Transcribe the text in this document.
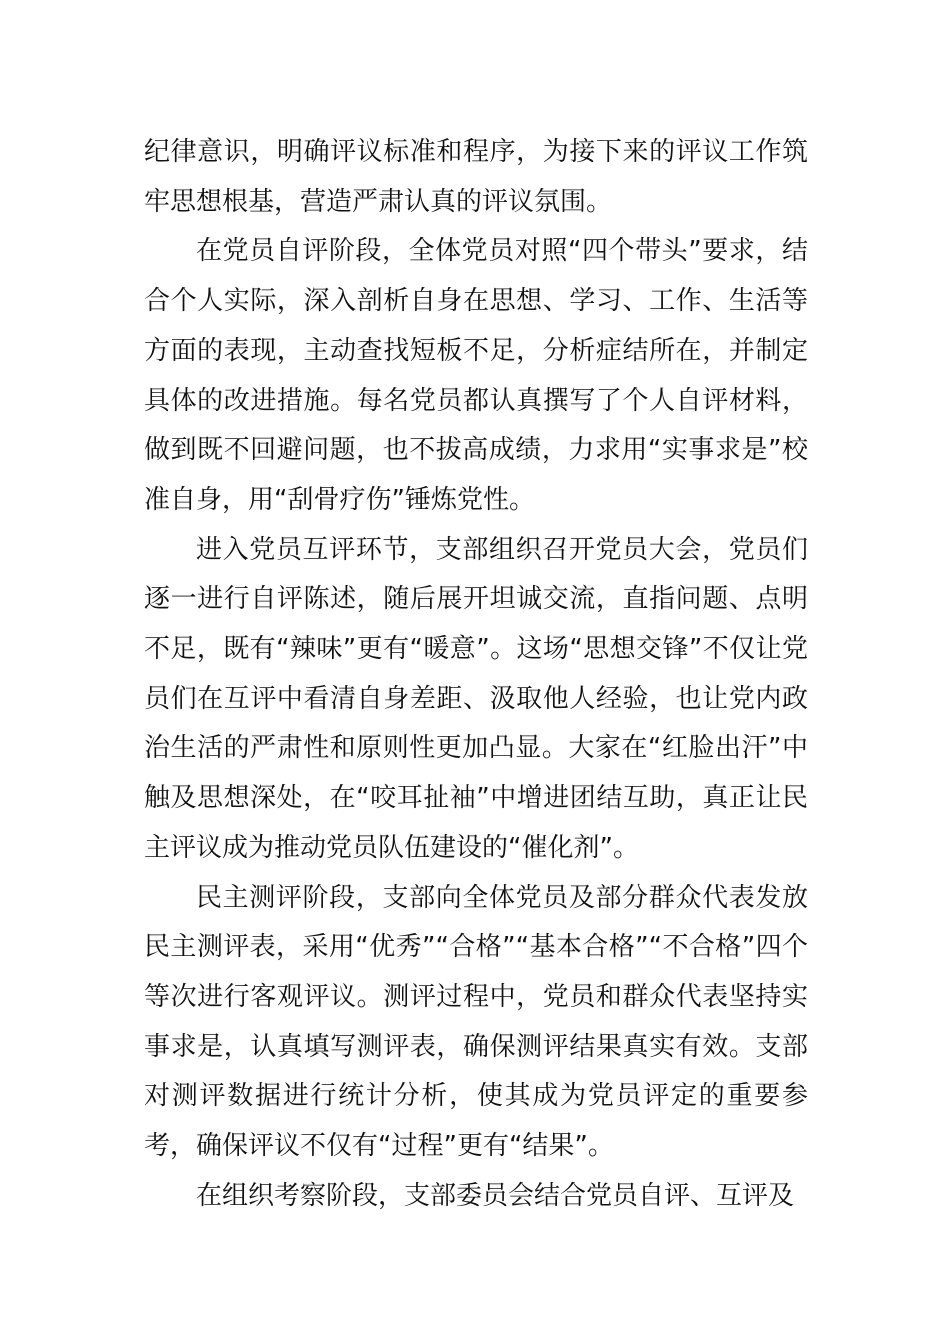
纪律意识，明确评议标准和程序，为接下来的评议工作筑牢思想根基，营造严肃认真的评议氛围。

在党员自评阶段，全体党员对照“四个带头”要求，结合个人实际，深入剖析自身在思想、学习、工作、生活等方面的表现，主动查找短板不足，分析症结所在，并制定具体的改进措施。每名党员都认真撰写了个人自评材料，做到既不回避问题，也不拔高成绩，力求用“实事求是”校准自身，用“刮骨疗伤”锤炼党性。

进入党员互评环节，支部组织召开党员大会，党员们逐一进行自评陈述，随后展开坦诚交流，直指问题、点明不足，既有“辣味”更有“暖意”。这场“思想交锋”不仅让党员们在互评中看清自身差距、汲取他人经验，也让党内政治生活的严肃性和原则性更加凸显。大家在“红脸出汗”中触及思想深处，在“咬耳扯袖”中增进团结互助，真正让民主评议成为推动党员队伍建设的“催化剂”。

民主测评阶段，支部向全体党员及部分群众代表发放民主测评表，采用“优秀”“合格”“基本合格”“不合格”四个等次进行客观评议。测评过程中，党员和群众代表坚持实事求是，认真填写测评表，确保测评结果真实有效。支部对测评数据进行统计分析，使其成为党员评定的重要参考，确保评议不仅有“过程”更有“结果”。

在组织考察阶段，支部委员会结合党员自评、互评及
